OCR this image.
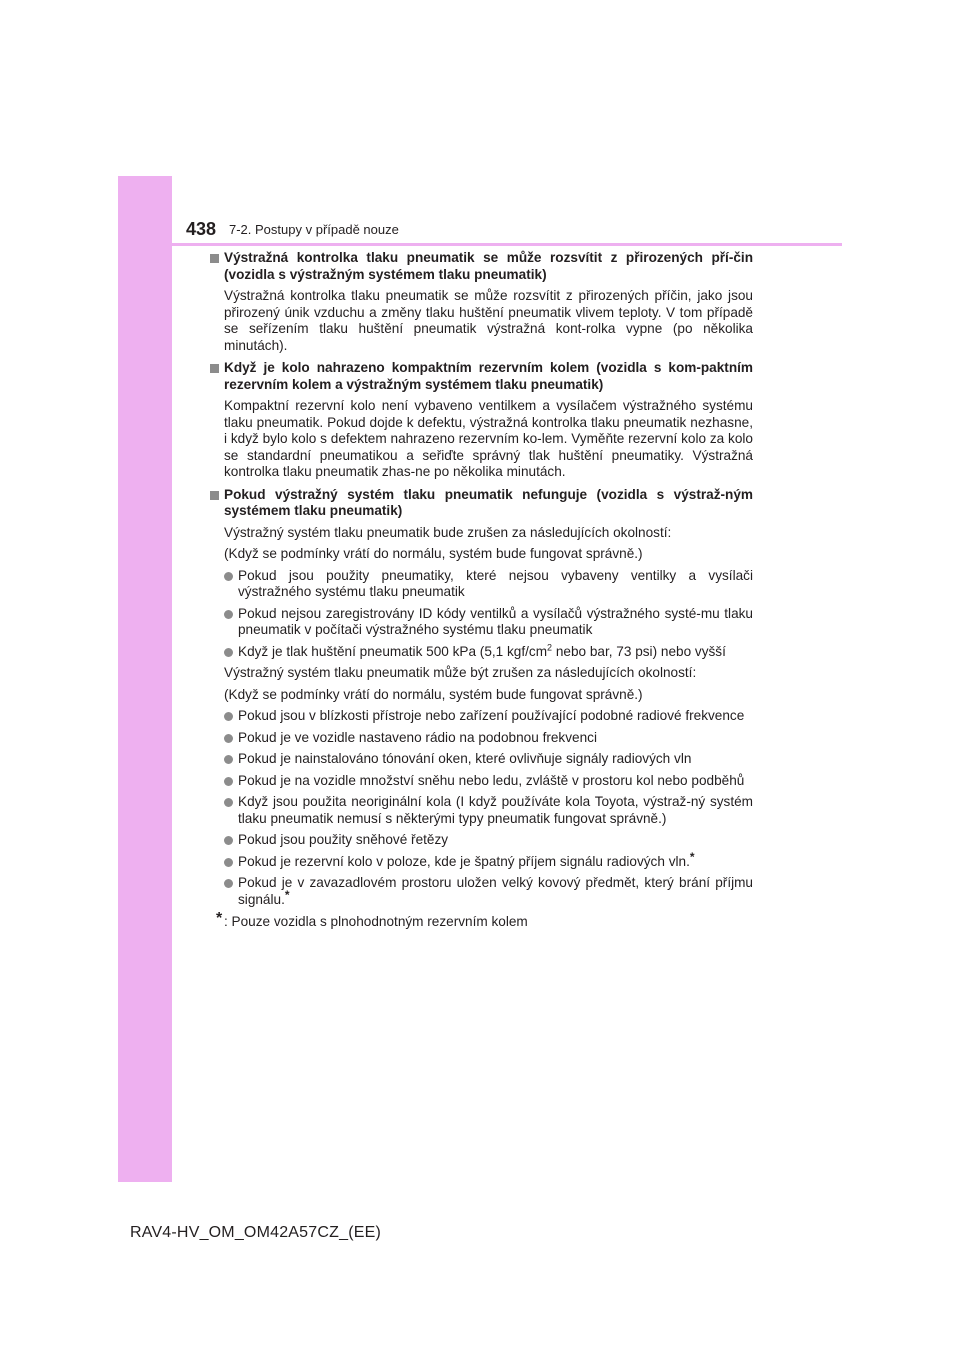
438 7-2. Postupy v případě nouze
Výstražná kontrolka tlaku pneumatik se může rozsvítit z přirozených pří-čin (vozidla s výstražným systémem tlaku pneumatik)
Výstražná kontrolka tlaku pneumatik se může rozsvítit z přirozených příčin, jako jsou přirozený únik vzduchu a změny tlaku huštění pneumatik vlivem teploty. V tom případě se seřízením tlaku huštění pneumatik výstražná kont-rolka vypne (po několika minutách).
Když je kolo nahrazeno kompaktním rezervním kolem (vozidla s kom-paktním rezervním kolem a výstražným systémem tlaku pneumatik)
Kompaktní rezervní kolo není vybaveno ventilkem a vysílačem výstražného systému tlaku pneumatik. Pokud dojde k defektu, výstražná kontrolka tlaku pneumatik nezhasne, i když bylo kolo s defektem nahrazeno rezervním ko-lem. Vyměňte rezervní kolo za kolo se standardní pneumatikou a seřiďte správný tlak huštění pneumatiky. Výstražná kontrolka tlaku pneumatik zhas-ne po několika minutách.
Pokud výstražný systém tlaku pneumatik nefunguje (vozidla s výstraž-ným systémem tlaku pneumatik)
Výstražný systém tlaku pneumatik bude zrušen za následujících okolností:
(Když se podmínky vrátí do normálu, systém bude fungovat správně.)
Pokud jsou použity pneumatiky, které nejsou vybaveny ventilky a vysílači výstražného systému tlaku pneumatik
Pokud nejsou zaregistrovány ID kódy ventilků a vysílačů výstražného systé-mu tlaku pneumatik v počítači výstražného systému tlaku pneumatik
Když je tlak huštění pneumatik 500 kPa (5,1 kgf/$cm^2$ nebo bar, 73 psi) nebo vyšší
Výstražný systém tlaku pneumatik může být zrušen za následujících okolností:
(Když se podmínky vrátí do normálu, systém bude fungovat správně.)
Pokud jsou v blízkosti přístroje nebo zařízení používající podobné radiové frekvence
Pokud je ve vozidle nastaveno rádio na podobnou frekvenci
Pokud je nainstalováno tónování oken, které ovlivňuje signály radiových vln
Pokud je na vozidle množství sněhu nebo ledu, zvláště v prostoru kol nebo podběhů
Když jsou použita neoriginální kola (I když používáte kola Toyota, výstraž-ný systém tlaku pneumatik nemusí s některými typy pneumatik fungovat správně.)
Pokud jsou použity sněhové řetězy
Pokud je rezervní kolo v poloze, kde je špatný příjem signálu radiových vln.*
Pokud je v zavazadlovém prostoru uložen velký kovový předmět, který brání příjmu signálu.*
* : Pouze vozidla s plnohodnotným rezervním kolem
RAV4-HV_OM_OM42A57CZ_(EE)
